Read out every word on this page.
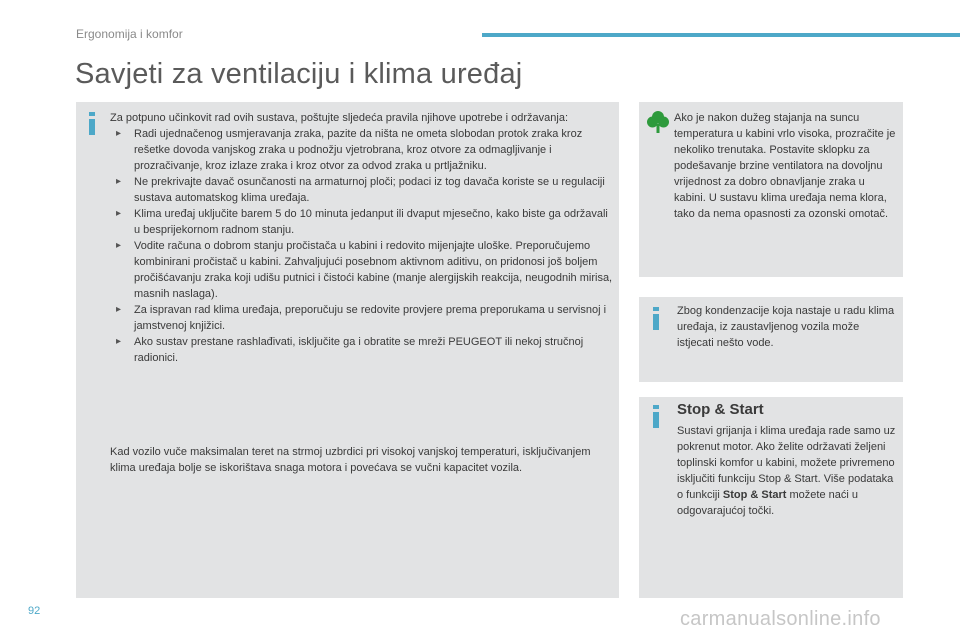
Ergonomija i komfor
Savjeti za ventilaciju i klima uređaj

Za potpuno učinkovit rad ovih sustava, poštujte sljedeća pravila njihove upotrebe i održavanja:

▸ Radi ujednačenog usmjeravanja zraka, pazite da ništa ne ometa slobodan protok zraka kroz rešetke dovoda vanjskog zraka u podnožju vjetrobrana, kroz otvore za odmagljivanje i prozračivanje, kroz izlaze zraka i kroz otvor za odvod zraka u prtljažniku.
▸ Ne prekrivajte davač osunčanosti na armaturnoj ploči; podaci iz tog davača koriste se u regulaciji sustava automatskog klima uređaja.
▸ Klima uređaj uključite barem 5 do 10 minuta jedanput ili dvaput mjesečno, kako biste ga održavali u besprijekornom radnom stanju.
▸ Vodite računa o dobrom stanju pročistača u kabini i redovito mijenjajte uloške. Preporučujemo kombinirani pročistač u kabini. Zahvaljujući posebnom aktivnom aditivu, on pridonosi još boljem pročišćavanju zraka koji udišu putnici i čistoći kabine (manje alergijskih reakcija, neugodnih mirisa, masnih naslaga).
▸ Za ispravan rad klima uređaja, preporučuju se redovite provjere prema preporukama u servisnoj i jamstvenoj knjižici.
▸ Ako sustav prestane rashlađivati, isključite ga i obratite se mreži PEUGEOT ili nekoj stručnoj radionici.
Kad vozilo vuče maksimalan teret na strmoj uzbrdici pri visokoj vanjskoj temperaturi, isključivanjem klima uređaja bolje se iskorištava snaga motora i povećava se vučni kapacitet vozila.
Ako je nakon dužeg stajanja na suncu temperatura u kabini vrlo visoka, prozračite je nekoliko trenutaka. Postavite sklopku za podešavanje brzine ventilatora na dovoljnu vrijednost za dobro obnavljanje zraka u kabini. U sustavu klima uređaja nema klora, tako da nema opasnosti za ozonski omotač.
Zbog kondenzacije koja nastaje u radu klima uređaja, iz zaustavljenog vozila može istjecati nešto vode.
Stop & Start
Sustavi grijanja i klima uređaja rade samo uz pokrenut motor. Ako želite održavati željeni toplinski komfor u kabini, možete privremeno isključiti funkciju Stop & Start. Više podataka o funkciji Stop & Start možete naći u odgovarajućoj točki.
92	carmanualsonline.info
